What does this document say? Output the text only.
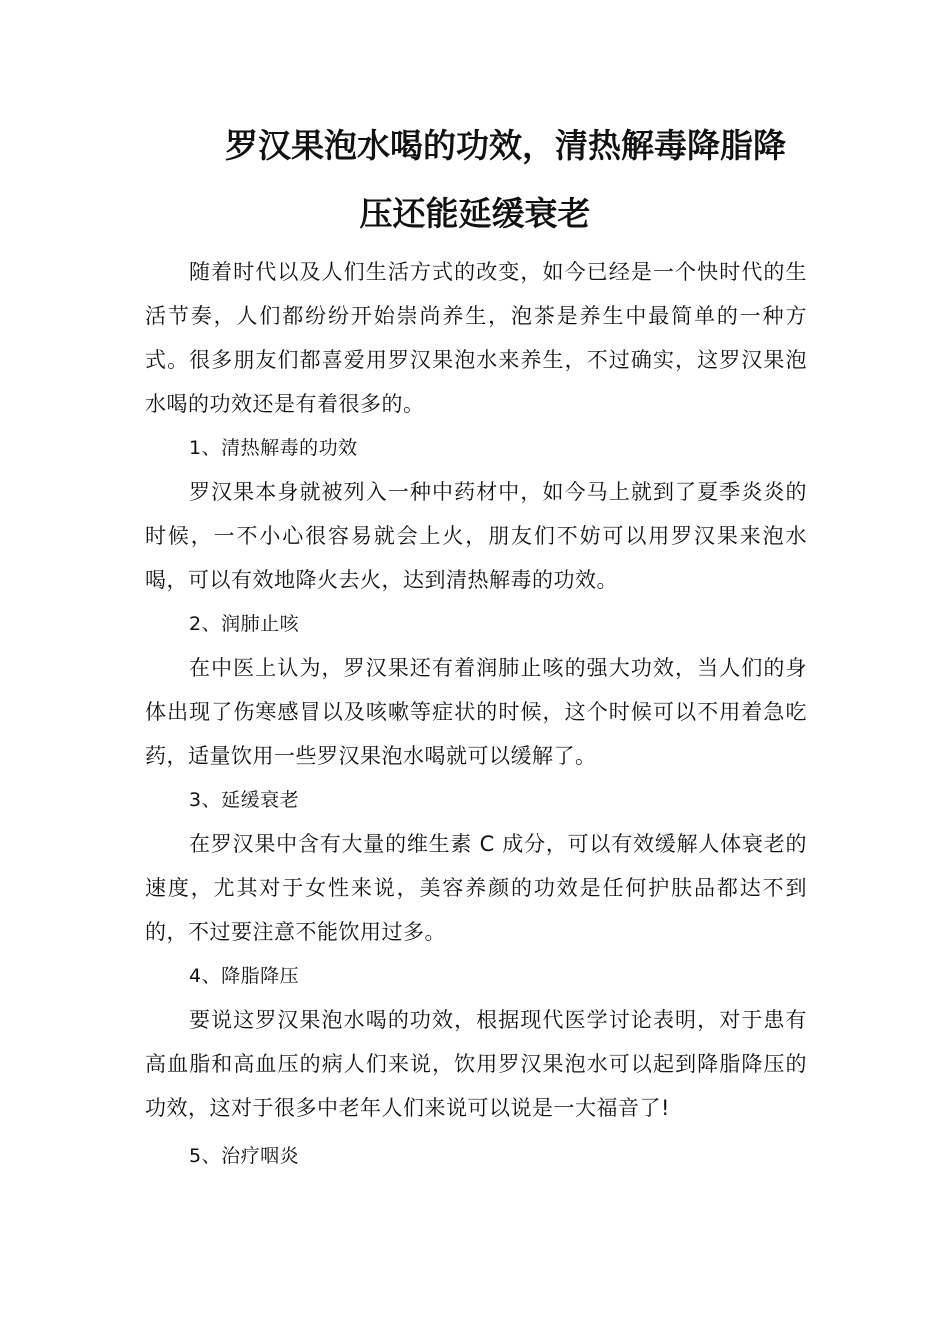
罗汉果泡水喝的功效，清热解毒降脂降
压还能延缓衰老

随着时代以及人们生活方式的改变，如今已经是一个快时代的生活节奏，人们都纷纷开始崇尚养生，泡茶是养生中最简单的一种方式。很多朋友们都喜爱用罗汉果泡水来养生，不过确实，这罗汉果泡水喝的功效还是有着很多的。

1、清热解毒的功效

罗汉果本身就被列入一种中药材中，如今马上就到了夏季炎炎的时候，一不小心很容易就会上火，朋友们不妨可以用罗汉果来泡水喝，可以有效地降火去火，达到清热解毒的功效。

2、润肺止咳

在中医上认为，罗汉果还有着润肺止咳的强大功效，当人们的身体出现了伤寒感冒以及咳嗽等症状的时候，这个时候可以不用着急吃药，适量饮用一些罗汉果泡水喝就可以缓解了。

3、延缓衰老

在罗汉果中含有大量的维生素 C 成分，可以有效缓解人体衰老的速度，尤其对于女性来说，美容养颜的功效是任何护肤品都达不到的，不过要注意不能饮用过多。

4、降脂降压

要说这罗汉果泡水喝的功效，根据现代医学讨论表明，对于患有高血脂和高血压的病人们来说，饮用罗汉果泡水可以起到降脂降压的功效，这对于很多中老年人们来说可以说是一大福音了!

5、治疗咽炎
